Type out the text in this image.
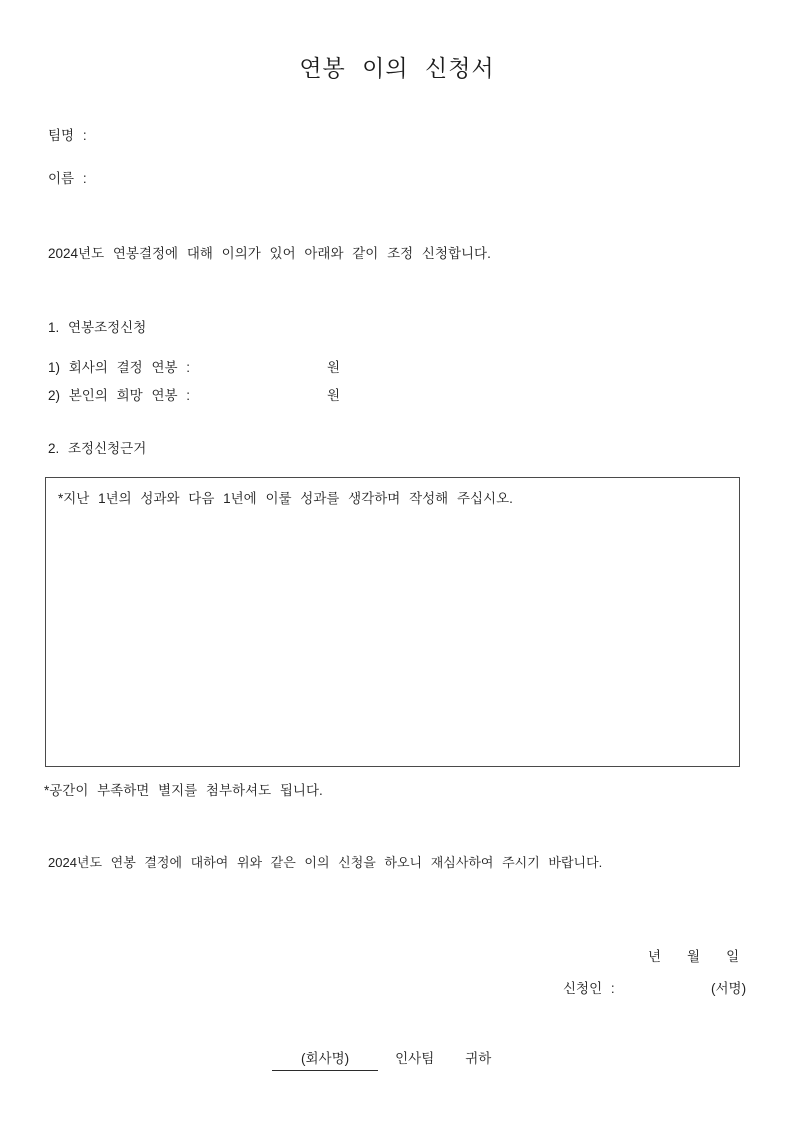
연봉 이의 신청서
팀명 :
이름 :
2024년도 연봉결정에 대해 이의가 있어 아래와 같이 조정 신청합니다.
1. 연봉조정신청
1) 회사의 결정 연봉 :	원
2) 본인의 희망 연봉 :	원
2. 조정신청근거
*지난 1년의 성과와 다음 1년에 이룰 성과를 생각하며 작성해 주십시오.
*공간이 부족하면 별지를 첨부하셔도 됩니다.
2024년도 연봉 결정에 대하여 위와 같은 이의 신청을 하오니 재심사하여 주시기 바랍니다.
년 월 일
신청인 :	(서명)
(회사명)	인사팀 귀하
